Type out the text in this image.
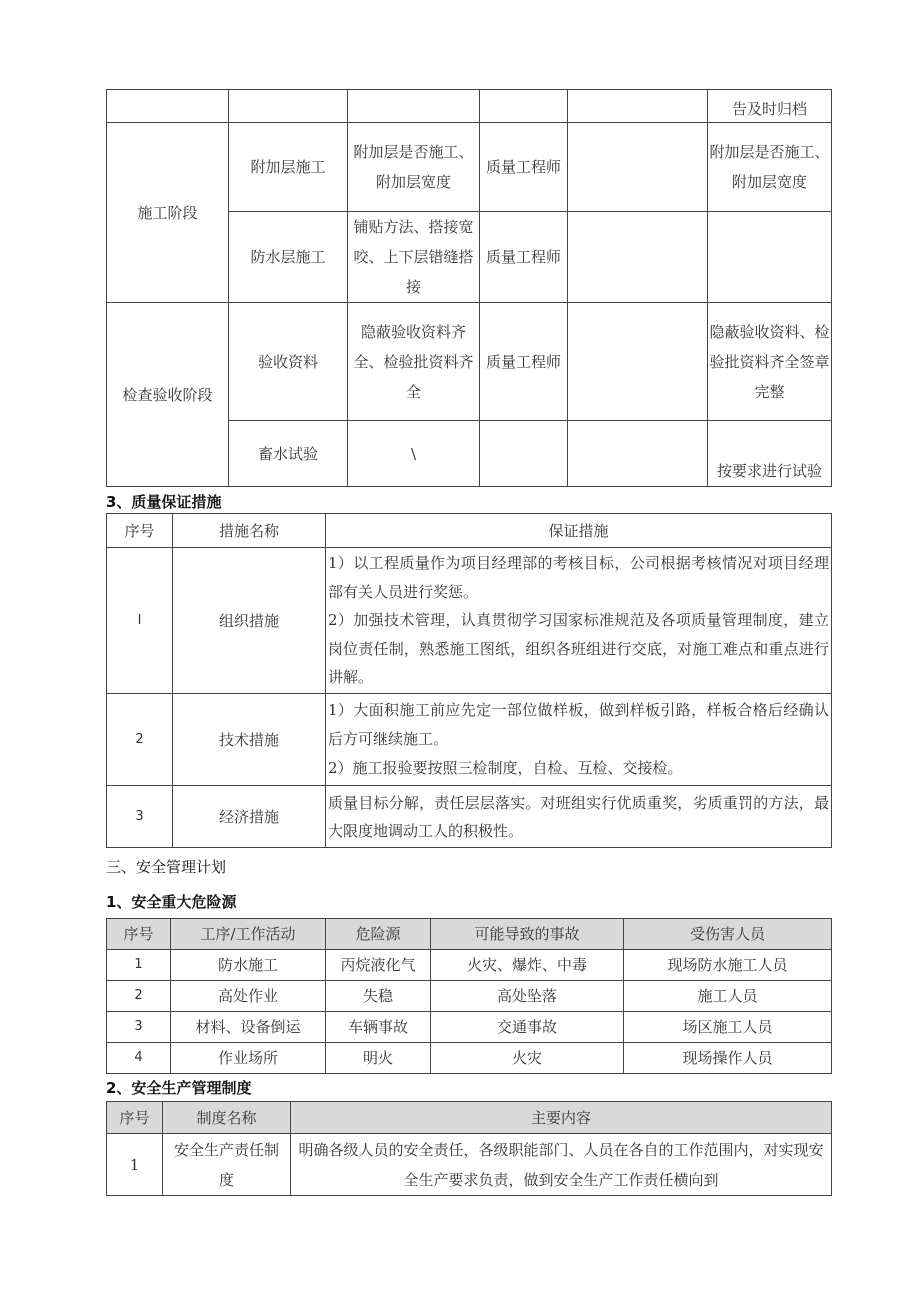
					告及时归档
施工阶段	附加层施工	附加层是否施工、附加层宽度	质量工程师		附加层是否施工、附加层宽度
	防水层施工	铺贴方法、搭接宽咬、上下层错缝搭接	质量工程师		
检查验收阶段	验收资料	隐蔽验收资料齐全、检验批资料齐全	质量工程师		隐蔽验收资料、检验批资料齐全签章完整
	畜水试验	\			按要求进行试验

3、质量保证措施

序号	措施名称	保证措施
I	组织措施	1）以工程质量作为项目经理部的考核目标，公司根据考核情况对项目经理部有关人员进行奖惩。
2）加强技术管理，认真贯彻学习国家标准规范及各项质量管理制度，建立岗位责任制，熟悉施工图纸，组织各班组进行交底，对施工难点和重点进行讲解。

2	技术措施	1）大面积施工前应先定一部位做样板，做到样板引路，样板合格后经确认后方可继续施工。
2）施工报验要按照三检制度，自检、互检、交接检。

3	经济措施	质量目标分解，责任层层落实。对班组实行优质重奖，劣质重罚的方法，最大限度地调动工人的积极性。

三、安全管理计划

1、安全重大危险源

序号	工序/工作活动	危险源	可能导致的事故	受伤害人员
1	防水施工	丙烷液化气	火灾、爆炸、中毒	现场防水施工人员
2	高处作业	失稳	高处坠落	施工人员
3	材料、设备倒运	车辆事故	交通事故	场区施工人员
4	作业场所	明火	火灾	现场操作人员

2、安全生产管理制度

序号	制度名称	主要内容
1	安全生产责任制度	明确各级人员的安全责任，各级职能部门、人员在各自的工作范围内，对实现安全生产要求负责，做到安全生产工作责任横向到
